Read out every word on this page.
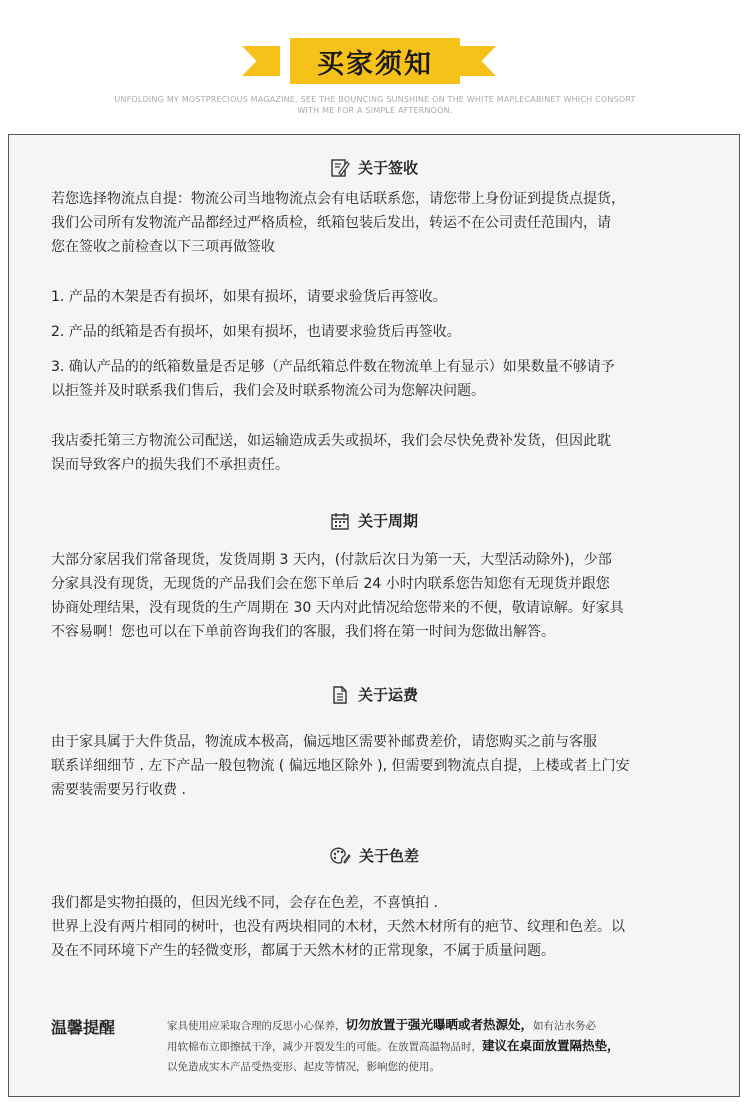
买家须知
UNFOLDING MY MOSTPRECIOUS MAGAZINE, SEE THE BOUNCING SUNSHINE ON THE WHITE MAPLECABINET WHICH CONSORT
WITH ME FOR A SIMPLE AFTERNOON.
关于签收

若您选择物流点自提：物流公司当地物流点会有电话联系您，请您带上身份证到提货点提货，
我们公司所有发物流产品都经过严格质检，纸箱包装后发出，转运不在公司责任范围内，请
您在签收之前检查以下三项再做签收

1. 产品的木架是否有损坏，如果有损坏，请要求验货后再签收。

2. 产品的纸箱是否有损坏，如果有损坏，也请要求验货后再签收。

3. 确认产品的的纸箱数量是否足够（产品纸箱总件数在物流单上有显示）如果数量不够请予
以拒签并及时联系我们售后，我们会及时联系物流公司为您解决问题。

我店委托第三方物流公司配送，如运输造成丢失或损坏，我们会尽快免费补发货，但因此耽
误而导致客户的损失我们不承担责任。

关于周期

大部分家居我们常备现货，发货周期 3 天内，(付款后次日为第一天，大型活动除外)，少部
分家具没有现货，无现货的产品我们会在您下单后 24 小时内联系您告知您有无现货并跟您
协商处理结果，没有现货的生产周期在 30 天内对此情况给您带来的不便，敬请谅解。好家具
不容易啊！您也可以在下单前咨询我们的客服，我们将在第一时间为您做出解答。

关于运费

由于家具属于大件货品，物流成本极高，偏远地区需要补邮费差价，请您购买之前与客服
联系详细细节 . 左下产品一般包物流 ( 偏远地区除外 ), 但需要到物流点自提，上楼或者上门安
需要装需要另行收费 .

关于色差

我们都是实物拍摄的，但因光线不同，会存在色差，不喜慎拍 .
世界上没有两片相同的树叶，也没有两块相同的木材，天然木材所有的疤节、纹理和色差。以
及在不同环境下产生的轻微变形，都属于天然木材的正常现象，不属于质量问题。

温馨提醒	家具使用应采取合理的反思小心保养，切勿放置于强光曝晒或者热源处，如有沾水务必
用软棉布立即擦拭干净，减少开裂发生的可能。在放置高温物品时，建议在桌面放置隔热垫，
以免造成实木产品受热变形、起皮等情况，影响您的使用。
